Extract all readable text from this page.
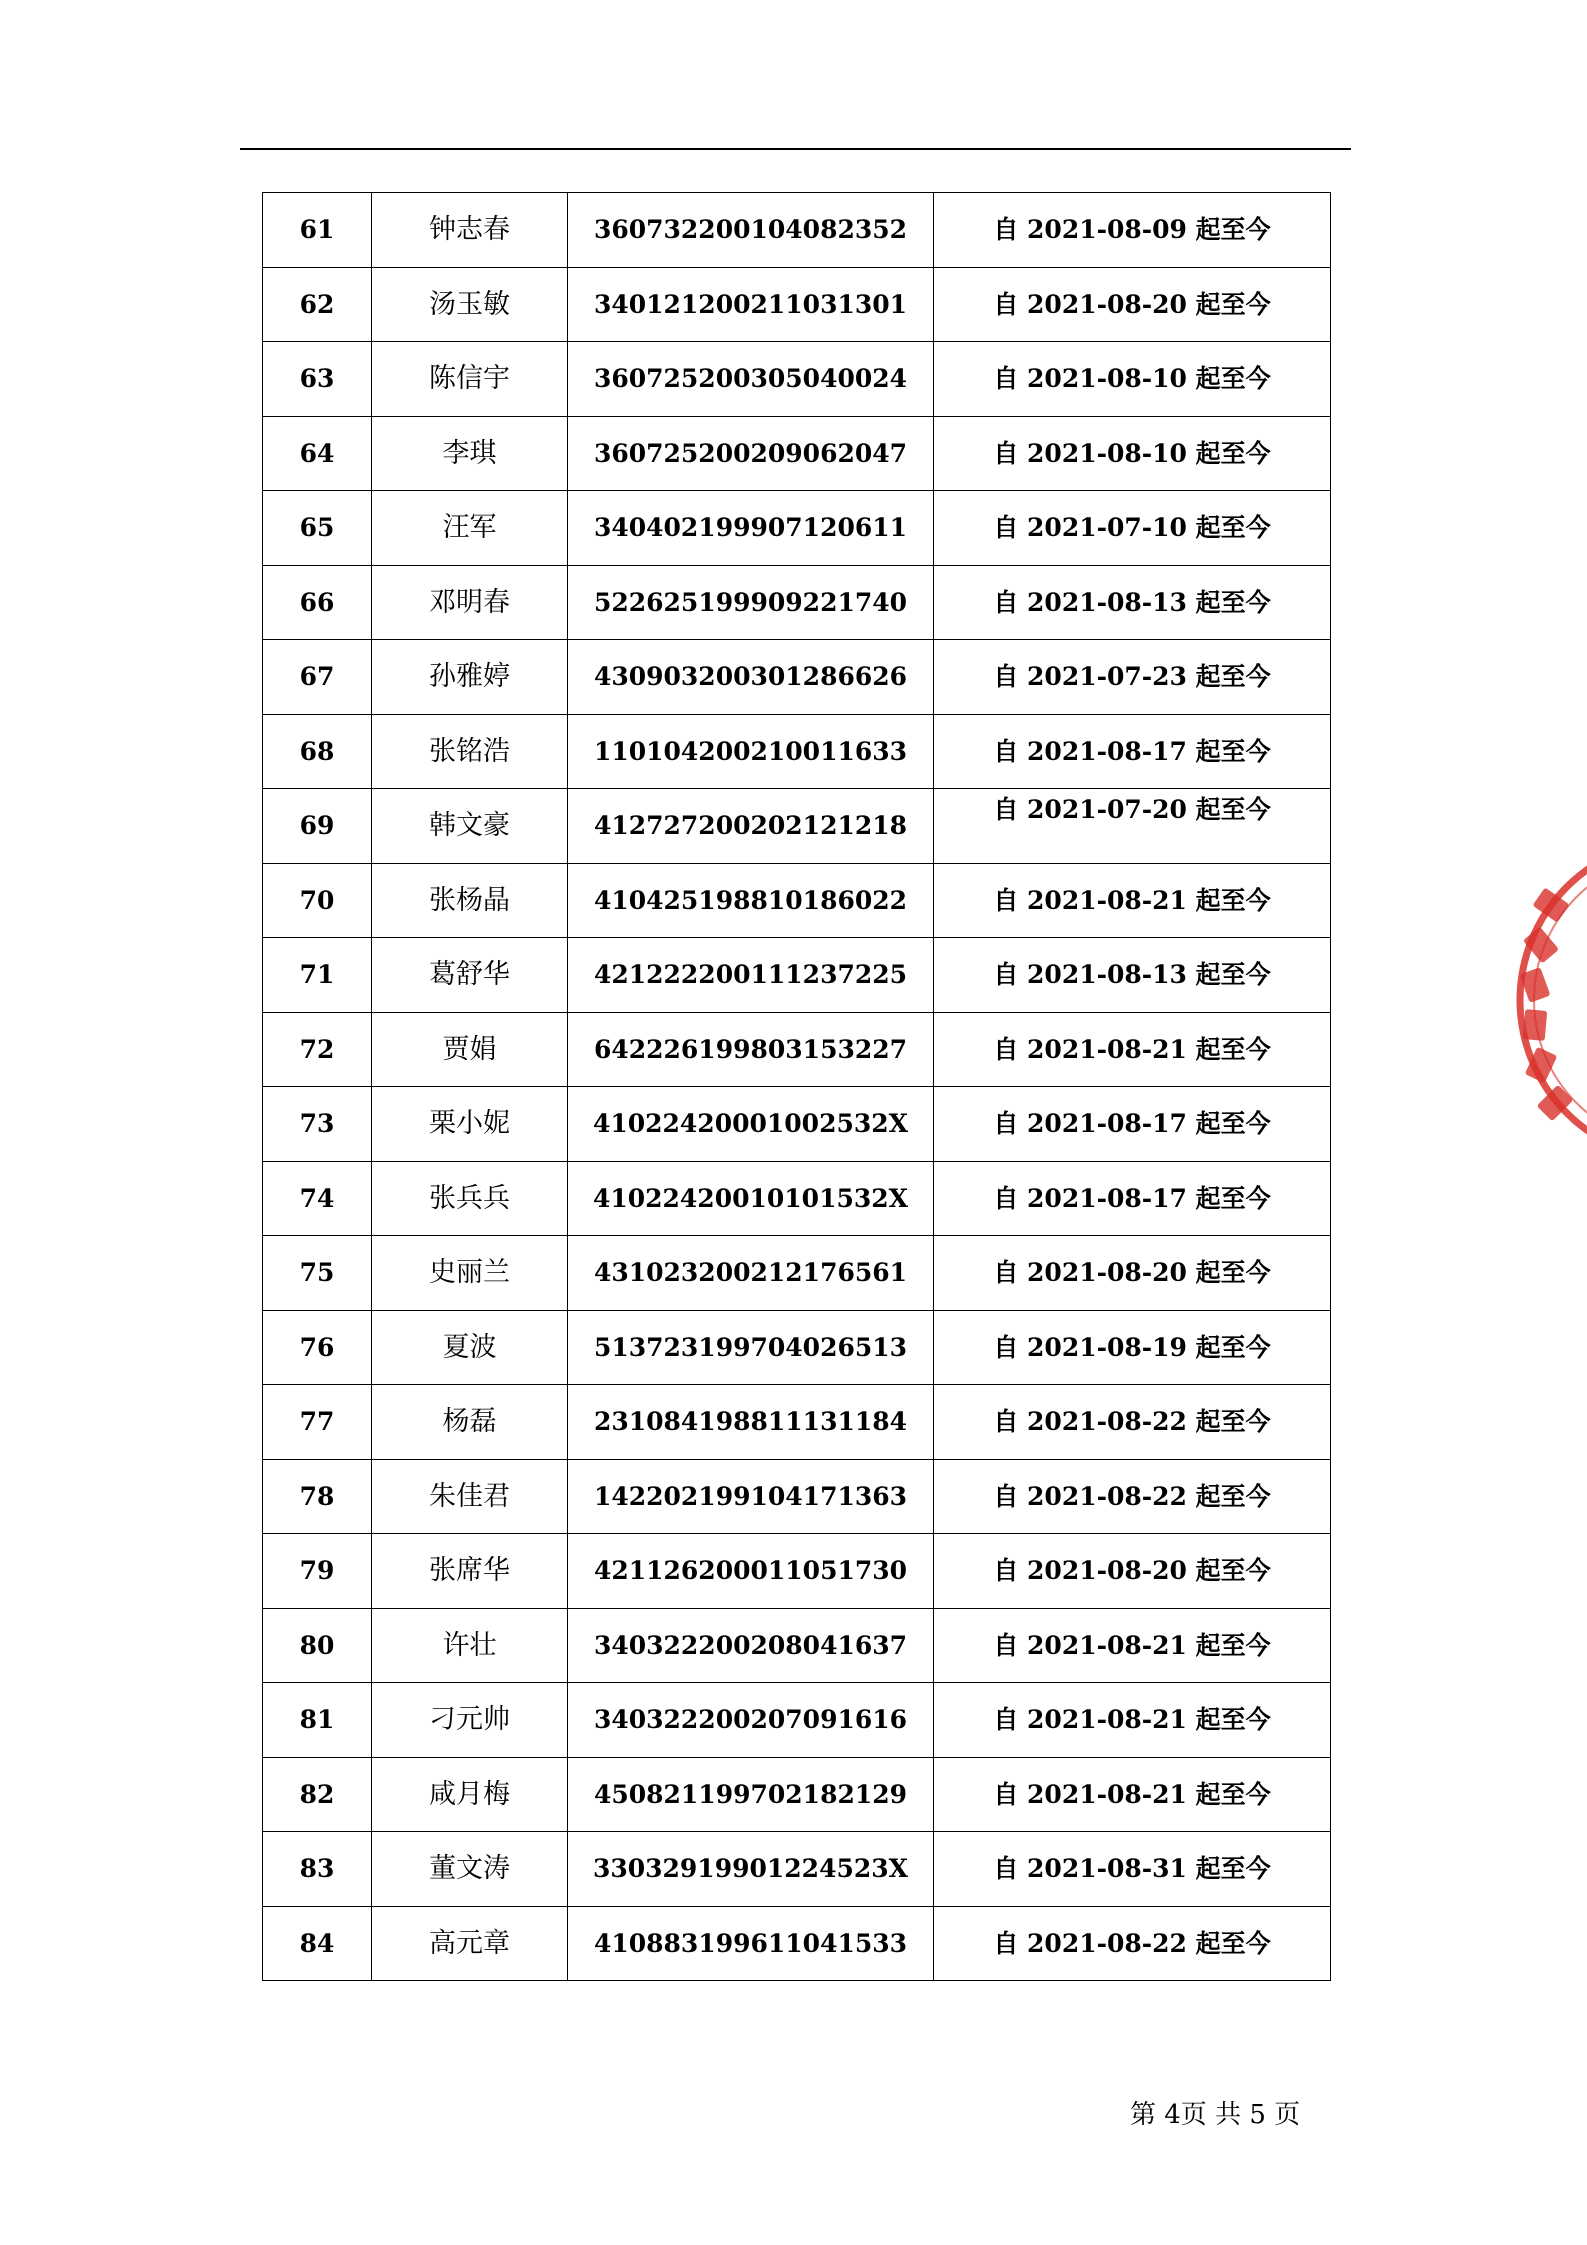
61	钟志春	360732200104082352	自 2021-08-09 起至今
62	汤玉敏	340121200211031301	自 2021-08-20 起至今
63	陈信宇	360725200305040024	自 2021-08-10 起至今
64	李琪	360725200209062047	自 2021-08-10 起至今
65	汪军	340402199907120611	自 2021-07-10 起至今
66	邓明春	522625199909221740	自 2021-08-13 起至今
67	孙雅婷	430903200301286626	自 2021-07-23 起至今
68	张铭浩	110104200210011633	自 2021-08-17 起至今
69	韩文豪	412727200202121218	自 2021-07-20 起至今
70	张杨晶	410425198810186022	自 2021-08-21 起至今
71	葛舒华	421222200111237225	自 2021-08-13 起至今
72	贾娟	642226199803153227	自 2021-08-21 起至今
73	栗小妮	41022420001002532X	自 2021-08-17 起至今
74	张兵兵	41022420010101532X	自 2021-08-17 起至今
75	史丽兰	431023200212176561	自 2021-08-20 起至今
76	夏波	513723199704026513	自 2021-08-19 起至今
77	杨磊	231084198811131184	自 2021-08-22 起至今
78	朱佳君	142202199104171363	自 2021-08-22 起至今
79	张席华	421126200011051730	自 2021-08-20 起至今
80	许壮	340322200208041637	自 2021-08-21 起至今
81	刁元帅	340322200207091616	自 2021-08-21 起至今
82	咸月梅	450821199702182129	自 2021-08-21 起至今
83	董文涛	33032919901224523X	自 2021-08-31 起至今
84	高元章	410883199611041533	自 2021-08-22 起至今
第 4页 共 5 页
